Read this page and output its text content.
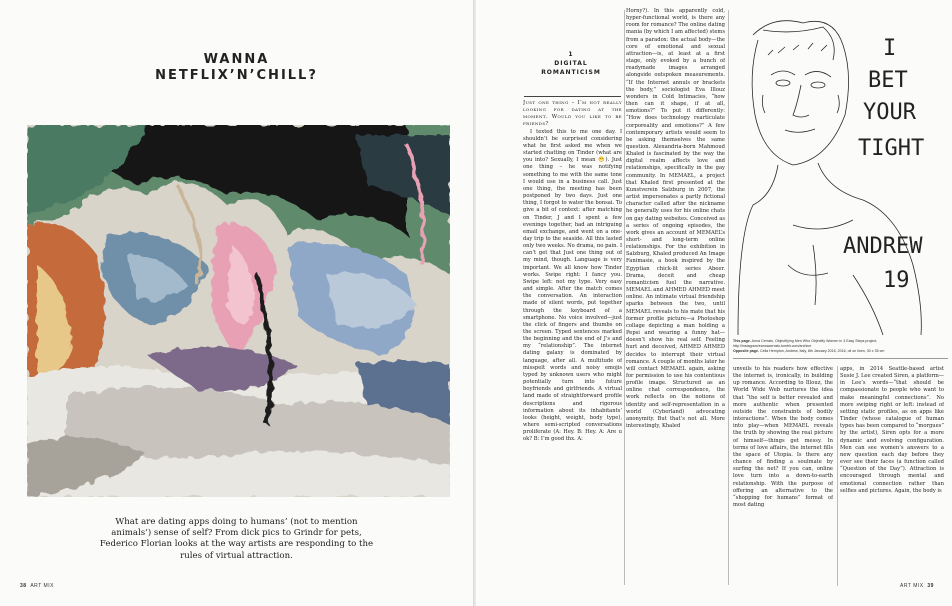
WANNA
NETFLIX’N’CHILL?
What are dating apps doing to humans’ (not to mention animals’) sense of self? From dick pics to Grindr for pets, Federico Florian looks at the way artists are responding to the rules of virtual attraction.
38 ART MIX
1
DIGITAL
ROMANTICISM

Just one thing – I’m not really looking for dating at the moment. Would you like to be friends?

I texted this to me one day. I shouldn’t be surprised considering what he first asked me when we started chatting on Tinder (what are you into? Sexually, I mean 😁). Just one thing – he was notifying something to me with the same tone I would use in a business call. Just one thing, the meeting has been postponed by two days. Just one thing, I forgot to water the bonsai. To give a bit of context: after matching on Tinder, J and I spent a few evenings together, had an intriguing email exchange, and went on a one-day trip to the seaside. All this lasted only two weeks. No drama, no pain. I can’t get that Just one thing out of my mind, though. Language is very important. We all know how Tinder works. Swipe right: I fancy you. Swipe left: not my type. Very easy and simple. After the match comes the conversation. An interaction made of silent words, put together through the keyboard of a smartphone. No voice involved—just the click of fingers and thumbs on the screen. Typed sentences marked the beginning and the end of J’s and my “relationship”. The internet dating galaxy is dominated by language, after all. A multitude of misspelt words and noisy emojis typed by unknown users who might potentially turn into future boyfriends and girlfriends. A virtual land made of straightforward profile descriptions and rigorous information about its inhabitants’ looks (height, weight, body type), where semi-scripted conversations proliferate (A: Hey. B: Hey. A: Are u ok? B: I’m good thx. A:

Horny?). In this apparently cold, hyper-functional world, is there any room for romance? The online dating mania (by which I am affected) stems from a paradox: the actual body—the core of emotional and sexual attraction—is, at least at a first stage, only evoked by a bunch of readymade images arranged alongside outspoken measurements. “If the Internet annuls or brackets the body,” sociologist Eva Illouz wonders in Cold Intimacies, “how then can it shape, if at all, emotions?” To put it differently: “How does technology rearticulate corporeality and emotions?” A few contemporary artists would seem to be asking themselves the same question. Alexandria-born Mahmoud Khaled is fascinated by the way the digital realm affects love and relationships, specifically in the gay community. In MEMAEL, a project that Khaled first presented at the Kunstverein Salzburg in 2007, the artist impersonates a partly fictional character called after the nickname he generally uses for his online chats on gay dating websites. Conceived as a series of ongoing episodes, the work gives an account of MEMAEL’s short- and long-term online relationships. For the exhibition in Salzburg, Khaled produced An Image Fanimasie, a book inspired by the Egyptian chick-lit series Abeer. Drama, deceit and cheap romanticism fuel the narrative. MEMAEL and AHMED AHMED meet online. An intimate virtual friendship sparks between the two, until MEMAEL reveals to his mate that his former profile picture—a Photoshop collage depicting a man holding a Pepsi and wearing a funny hat—doesn’t show his real self. Feeling hurt and deceived, AHMED AHMED decides to interrupt their virtual romance. A couple of months later he will contact MEMAEL again, asking for permission to use his contentious profile image. Structured as an online chat correspondence, the work reflects on the notions of identity and self-representation in a world (Cyberland) advocating anonymity. But that’s not all. More interestingly, Khaled

I
BET
YOUR
TIGHT
ANDREW
19
This page. Anna Cerrato, Objectifying Men Who Objectify Women in 3 Easy Steps project, http://instagram/eannacerrato.tumblr.com/archive.
Opposite page. Celia Hempton, Andrew, Italy, 8th January 2016, 2016, oil on linen, 30 x 35 cm

unveils to his readers how effective the internet is, ironically, in building up romance. According to Illouz, the World Wide Web nurtures the idea that “the self is better revealed and more authentic when presented outside the constraints of bodily interactions”. When the body comes into play—when MEMAEL reveals the truth by showing the real picture of himself—things get messy. In terms of love affairs, the internet fills the space of Utopia. Is there any chance of finding a soulmate by surfing the net? If you can, online love turn into a down-to-earth relationship. With the purpose of offering an alternative to the “shopping for humans” format of most dating

apps, in 2014 Seattle-based artist Susie J. Lee created Siren, a platform—in Lee’s words—“that should be compassionate to people who want to make meaningful connections”. No more swiping right or left: instead of setting static profiles, as on apps like Tinder (whose catalogue of human types has been compared to “morgues” by the artist), Siren opts for a more dynamic and evolving configuration. Men can see women’s answers to a new question each day before they ever see their faces (a function called “Question of the Day”). Attraction is encouraged through mental and emotional connection rather than selfies and pictures. Again, the body is

ART MIX 39
